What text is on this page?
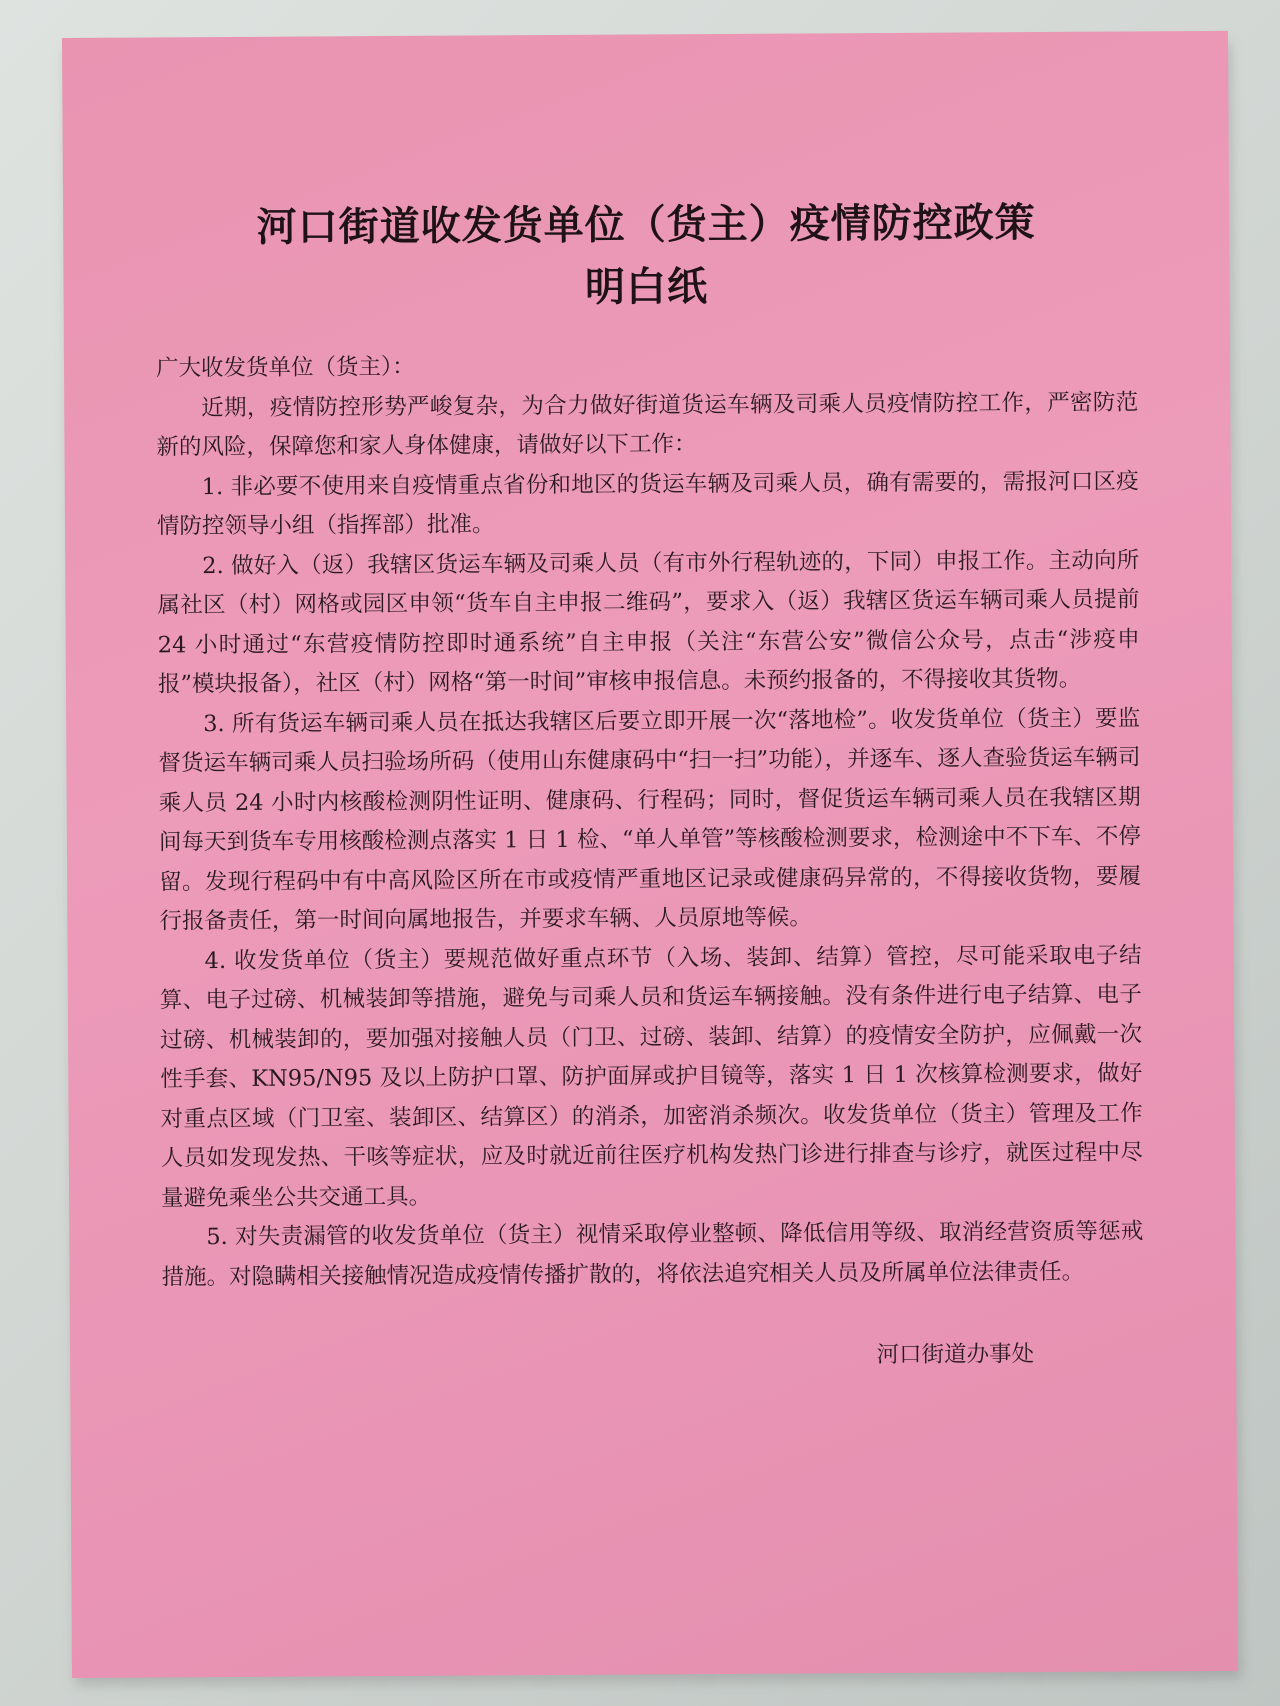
河口街道收发货单位（货主）疫情防控政策
明白纸

广大收发货单位（货主）：

近期，疫情防控形势严峻复杂，为合力做好街道货运车辆及司乘人员疫情防控工作，严密防范新的风险，保障您和家人身体健康，请做好以下工作：

1. 非必要不使用来自疫情重点省份和地区的货运车辆及司乘人员，确有需要的，需报河口区疫情防控领导小组（指挥部）批准。

2. 做好入（返）我辖区货运车辆及司乘人员（有市外行程轨迹的，下同）申报工作。主动向所属社区（村）网格或园区申领“货车自主申报二维码”，要求入（返）我辖区货运车辆司乘人员提前 24 小时通过“东营疫情防控即时通系统”自主申报（关注“东营公安”微信公众号，点击“涉疫申报”模块报备），社区（村）网格“第一时间”审核申报信息。未预约报备的，不得接收其货物。

3. 所有货运车辆司乘人员在抵达我辖区后要立即开展一次“落地检”。收发货单位（货主）要监督货运车辆司乘人员扫验场所码（使用山东健康码中“扫一扫”功能），并逐车、逐人查验货运车辆司乘人员 24 小时内核酸检测阴性证明、健康码、行程码；同时，督促货运车辆司乘人员在我辖区期间每天到货车专用核酸检测点落实 1 日 1 检、“单人单管”等核酸检测要求，检测途中不下车、不停留。发现行程码中有中高风险区所在市或疫情严重地区记录或健康码异常的，不得接收货物，要履行报备责任，第一时间向属地报告，并要求车辆、人员原地等候。

4. 收发货单位（货主）要规范做好重点环节（入场、装卸、结算）管控，尽可能采取电子结算、电子过磅、机械装卸等措施，避免与司乘人员和货运车辆接触。没有条件进行电子结算、电子过磅、机械装卸的，要加强对接触人员（门卫、过磅、装卸、结算）的疫情安全防护，应佩戴一次性手套、KN95/N95 及以上防护口罩、防护面屏或护目镜等，落实 1 日 1 次核算检测要求，做好对重点区域（门卫室、装卸区、结算区）的消杀，加密消杀频次。收发货单位（货主）管理及工作人员如发现发热、干咳等症状，应及时就近前往医疗机构发热门诊进行排查与诊疗，就医过程中尽量避免乘坐公共交通工具。

5. 对失责漏管的收发货单位（货主）视情采取停业整顿、降低信用等级、取消经营资质等惩戒措施。对隐瞒相关接触情况造成疫情传播扩散的，将依法追究相关人员及所属单位法律责任。

河口街道办事处
